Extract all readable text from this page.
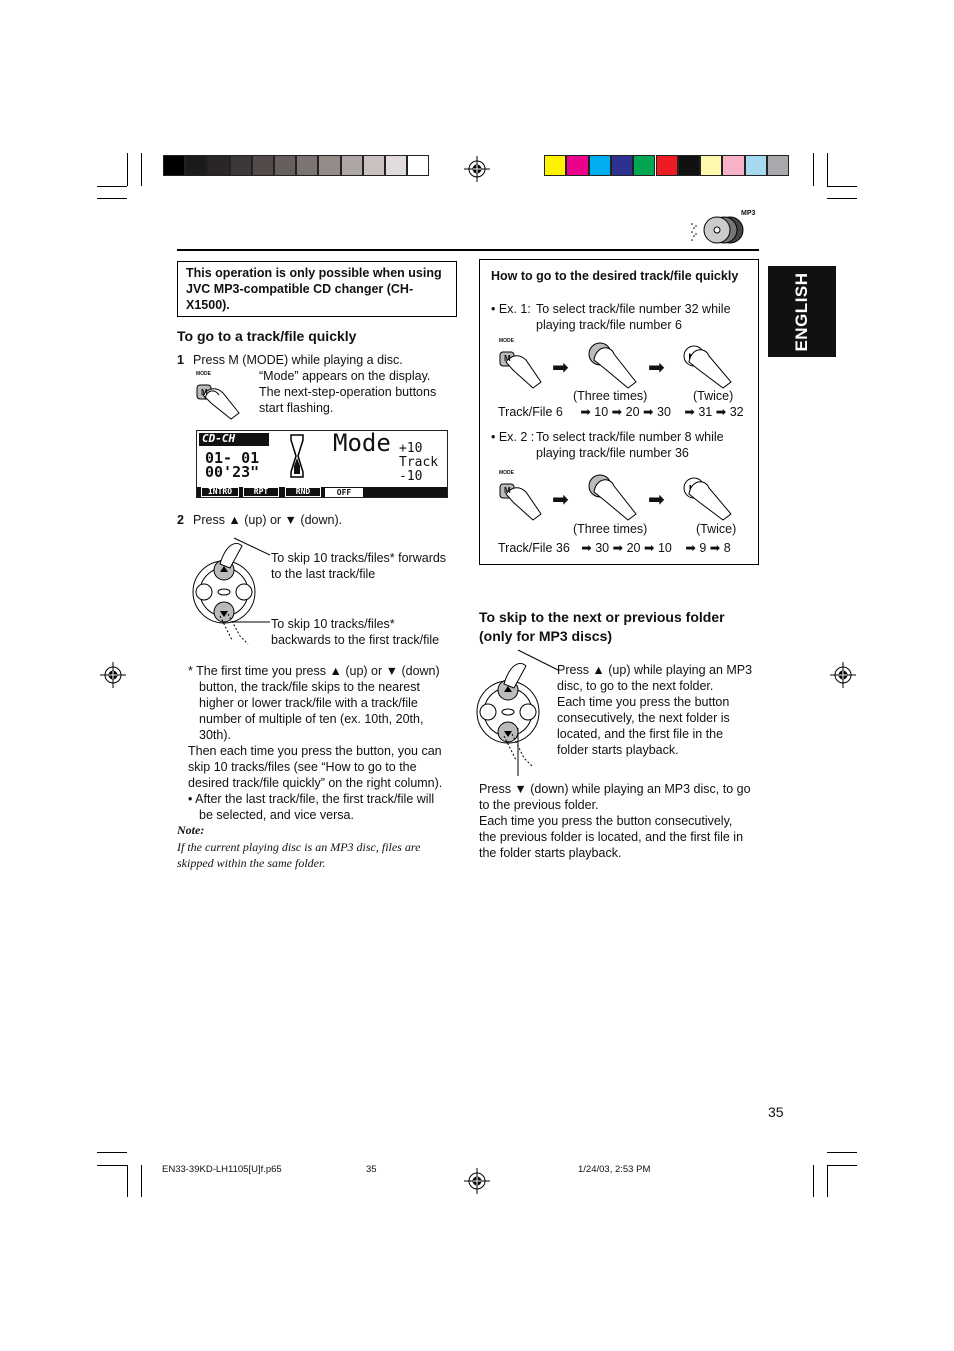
MP3
ENGLISH
This operation is only possible when using JVC MP3-compatible CD changer (CH-X1500).
To go to a track/file quickly
1 Press M (MODE) while playing a disc.
MODE
M
“Mode” appears on the display.
The next-step-operation buttons
start flashing.
CD-CH
01- 01
00'23"
Mode +10
Track
-10
INTRO	RPT	RND	OFF
2 Press ▲ (up) or ▼ (down).
To skip 10 tracks/files* forwards
to the last track/file
To skip 10 tracks/files*
backwards to the first track/file
* The first time you press ▲ (up) or ▼ (down)
button, the track/file skips to the nearest
higher or lower track/file with a track/file
number of multiple of ten (ex. 10th, 20th, 30th).
Then each time you press the button, you can
skip 10 tracks/files (see “How to go to the
desired track/file quickly” on the right column).
• After the last track/file, the first track/file will
be selected, and vice versa.
Note:
If the current playing disc is an MP3 disc, files are
skipped within the same folder.
How to go to the desired track/file quickly
• Ex. 1: To select track/file number 32 while
playing track/file number 6
MODE
M ➡	➡
(Three times)	(Twice)
Track/File 6 ➡ 10 ➡ 20 ➡ 30 ➡ 31 ➡ 32
• Ex. 2 : To select track/file number 8 while
playing track/file number 36
MODE
M ➡	➡
(Three times)	(Twice)
Track/File 36 ➡ 30 ➡ 20 ➡ 10 ➡ 9 ➡ 8
To skip to the next or previous folder
(only for MP3 discs)
Press ▲ (up) while playing an MP3
disc, to go to the next folder.
Each time you press the button
consecutively, the next folder is
located, and the first file in the
folder starts playback.
Press ▼ (down) while playing an MP3 disc, to go
to the previous folder.
Each time you press the button consecutively,
the previous folder is located, and the first file in
the folder starts playback.
35
EN33-39KD-LH1105[U]f.p65	35	1/24/03, 2:53 PM
